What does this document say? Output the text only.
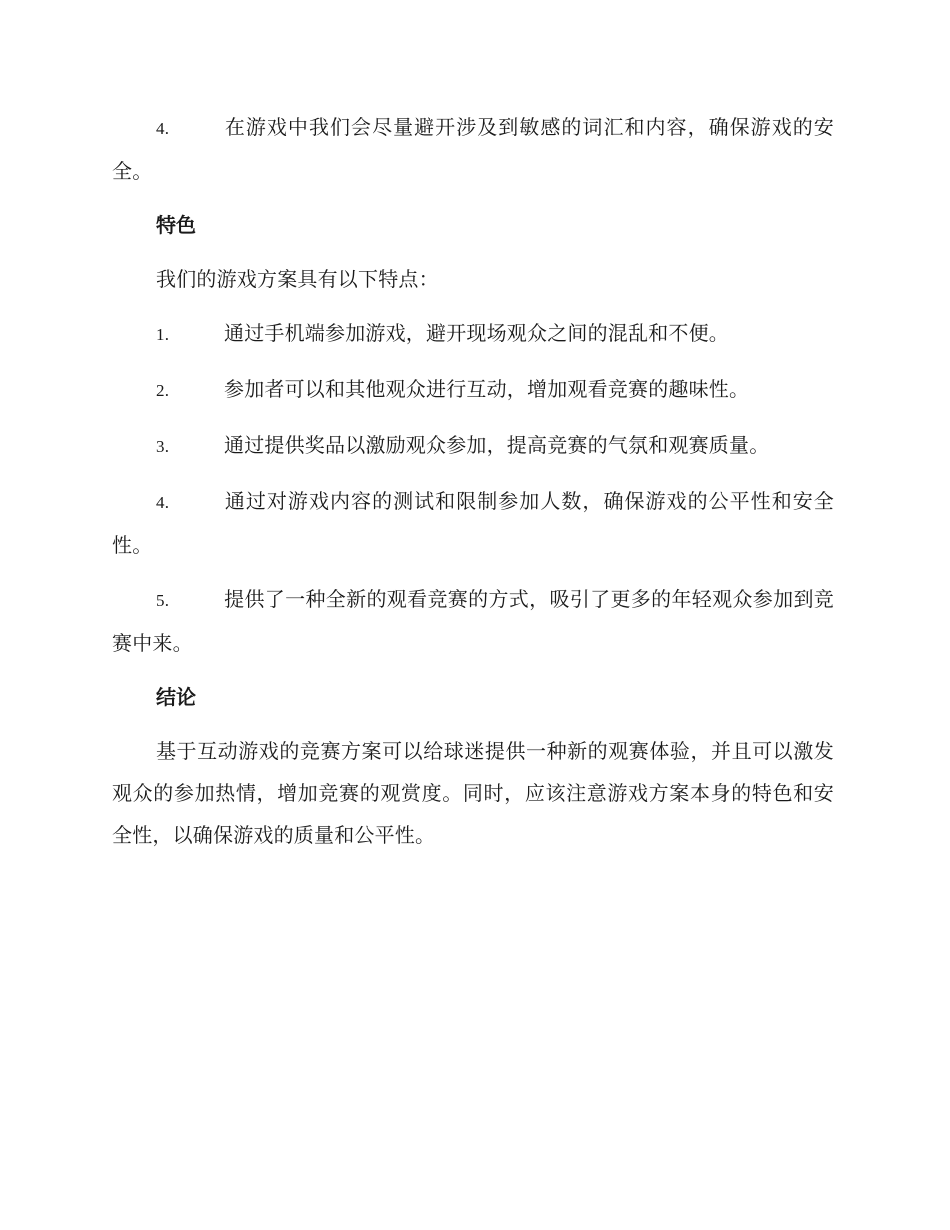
4.	在游戏中我们会尽量避开涉及到敏感的词汇和内容，确保游戏的安全。

特色

我们的游戏方案具有以下特点：

1.	通过手机端参加游戏，避开现场观众之间的混乱和不便。

2.	参加者可以和其他观众进行互动，增加观看竞赛的趣味性。

3.	通过提供奖品以激励观众参加，提高竞赛的气氛和观赛质量。

4.	通过对游戏内容的测试和限制参加人数，确保游戏的公平性和安全性。

5.	提供了一种全新的观看竞赛的方式，吸引了更多的年轻观众参加到竞赛中来。

结论

基于互动游戏的竞赛方案可以给球迷提供一种新的观赛体验，并且可以激发观众的参加热情，增加竞赛的观赏度。同时，应该注意游戏方案本身的特色和安全性，以确保游戏的质量和公平性。
